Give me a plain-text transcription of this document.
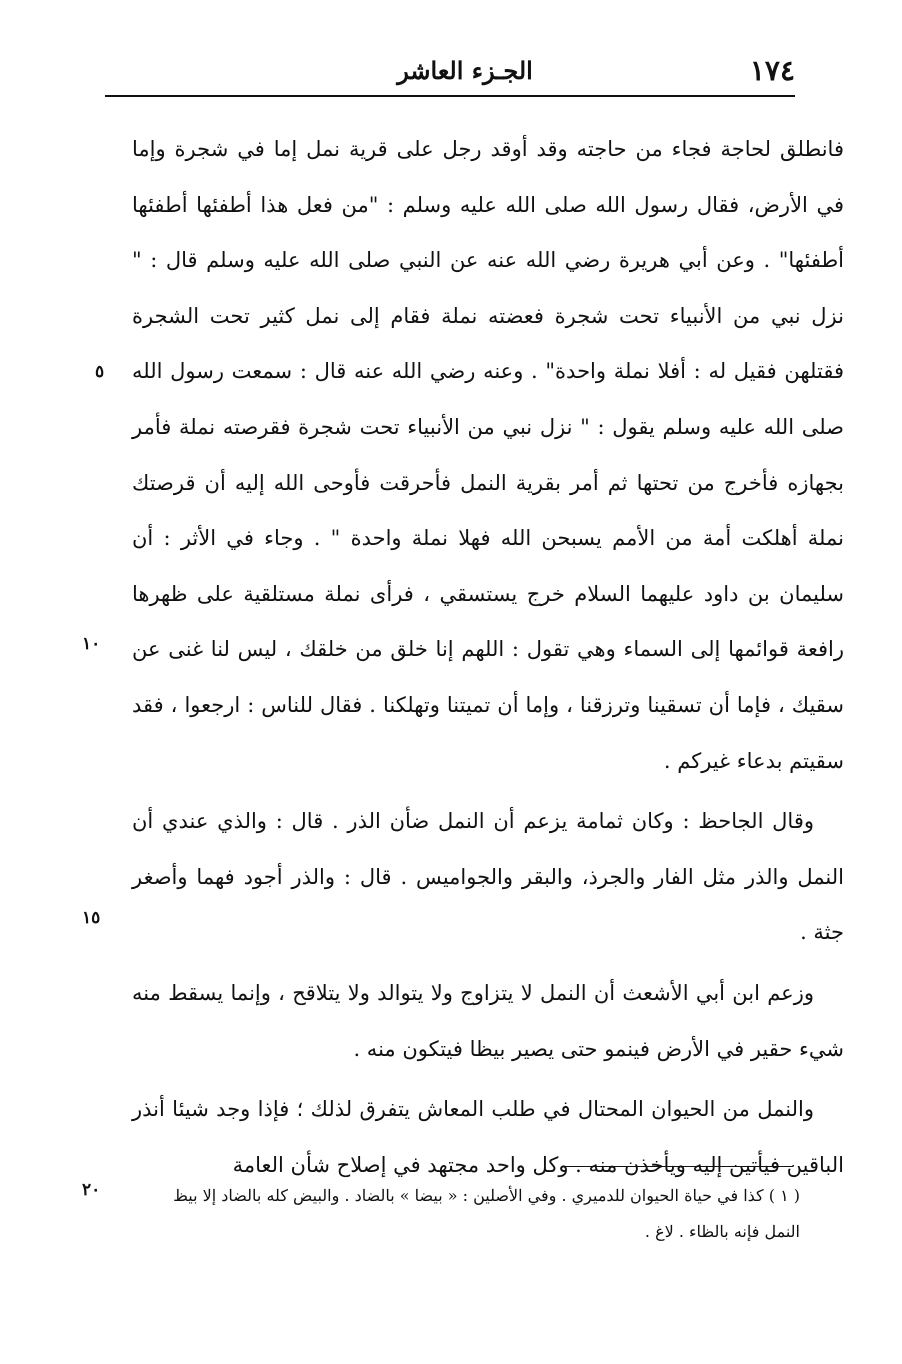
١٧٤
الجـزء العاشر

فانطلق لحاجة فجاء من حاجته وقد أوقد رجل على قرية نمل إما في شجرة وإما في الأرض، فقال رسول الله صلى الله عليه وسلم : "من فعل هذا أطفئها أطفئها أطفئها" . وعن أبي هريرة رضي الله عنه عن النبي صلى الله عليه وسلم قال : " نزل نبي من الأنبياء تحت شجرة فعضته نملة فقام إلى نمل كثير تحت الشجرة فقتلهن فقيل له : أفلا نملة واحدة" . وعنه رضي الله عنه قال : سمعت رسول الله صلى الله عليه وسلم يقول : " نزل نبي من الأنبياء تحت شجرة فقرصته نملة فأمر بجهازه فأخرج من تحتها ثم أمر بقرية النمل فأحرقت فأوحى الله إليه أن قرصتك نملة أهلكت أمة من الأمم يسبحن الله فهلا نملة واحدة " . وجاء في الأثر : أن سليمان بن داود عليهما السلام خرج يستسقي ، فرأى نملة مستلقية على ظهرها رافعة قوائمها إلى السماء وهي تقول : اللهم إنا خلق من خلقك ، ليس لنا غنى عن سقيك ، فإما أن تسقينا وترزقنا ، وإما أن تميتنا وتهلكنا . فقال للناس : ارجعوا ، فقد سقيتم بدعاء غيركم .

وقال الجاحظ : وكان ثمامة يزعم أن النمل ضأن الذر . قال : والذي عندي أن النمل والذر مثل الفار والجرذ، والبقر والجواميس . قال : والذر أجود فهما وأصغر جثة .

وزعم ابن أبي الأشعث أن النمل لا يتزاوج ولا يتوالد ولا يتلاقح ، وإنما يسقط منه شيء حقير في الأرض فينمو حتى يصير بيظا فيتكون منه .

والنمل من الحيوان المحتال في طلب المعاش يتفرق لذلك ؛ فإذا وجد شيئا أنذر الباقين فيأتين إليه ويأخذن منه . وكل واحد مجتهد في إصلاح شأن العامة

٥
١٠
١٥
٢٠	( ١ ) كذا في حياة الحيوان للدميري . وفي الأصلين : « بيضا » بالضاد . والبيض كله بالضاد إلا بيظ النمل فإنه بالظاء . لاغ .
